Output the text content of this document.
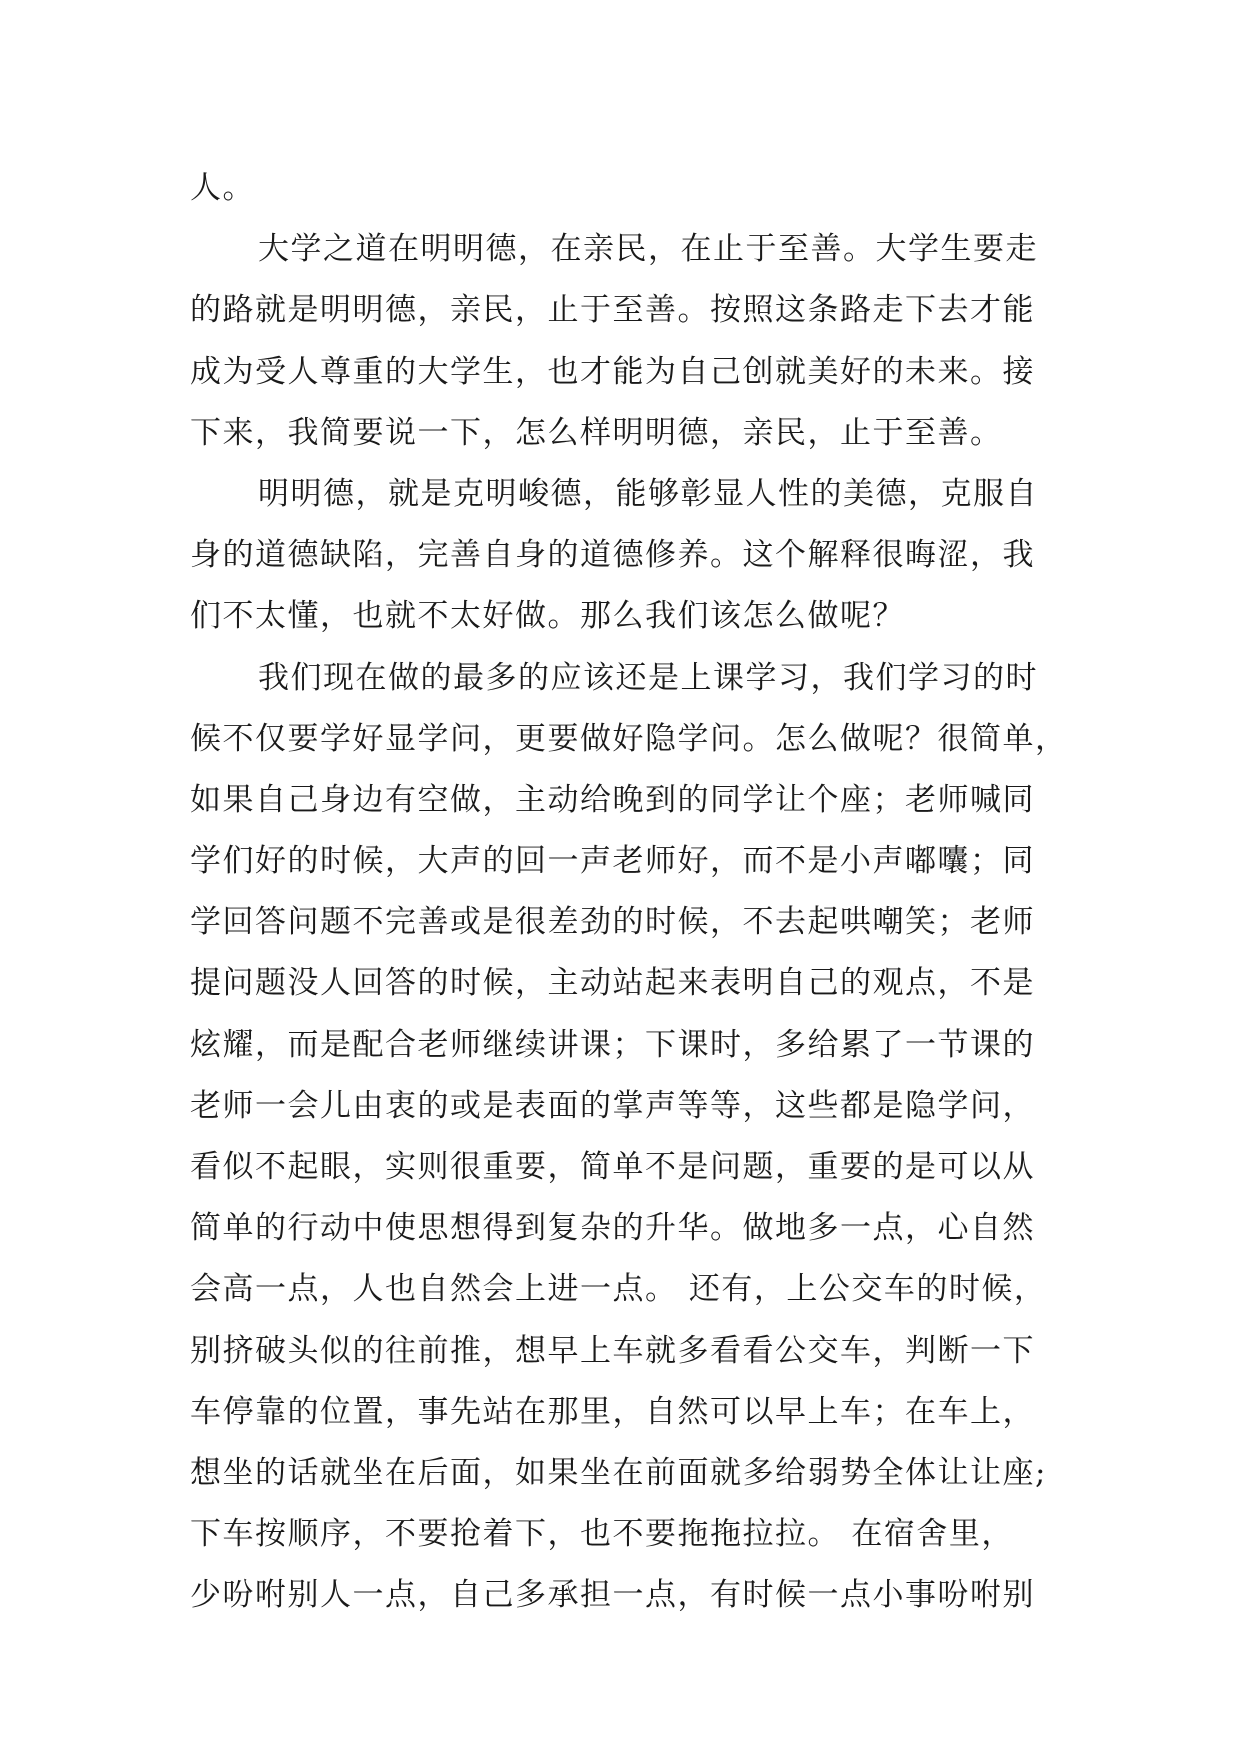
人。
大学之道在明明德，在亲民，在止于至善。大学生要走
的路就是明明德，亲民，止于至善。按照这条路走下去才能
成为受人尊重的大学生，也才能为自己创就美好的未来。接
下来，我简要说一下，怎么样明明德，亲民，止于至善。
明明德，就是克明峻德，能够彰显人性的美德，克服自
身的道德缺陷，完善自身的道德修养。这个解释很晦涩，我
们不太懂，也就不太好做。那么我们该怎么做呢？
我们现在做的最多的应该还是上课学习，我们学习的时
候不仅要学好显学问，更要做好隐学问。怎么做呢？很简单，
如果自己身边有空做，主动给晚到的同学让个座；老师喊同
学们好的时候，大声的回一声老师好，而不是小声嘟囔；同
学回答问题不完善或是很差劲的时候，不去起哄嘲笑；老师
提问题没人回答的时候，主动站起来表明自己的观点，不是
炫耀，而是配合老师继续讲课；下课时，多给累了一节课的
老师一会儿由衷的或是表面的掌声等等，这些都是隐学问，
看似不起眼，实则很重要，简单不是问题，重要的是可以从
简单的行动中使思想得到复杂的升华。做地多一点，心自然
会高一点，人也自然会上进一点。 还有，上公交车的时候，
别挤破头似的往前推，想早上车就多看看公交车，判断一下
车停靠的位置，事先站在那里，自然可以早上车；在车上，
想坐的话就坐在后面，如果坐在前面就多给弱势全体让让座;
下车按顺序，不要抢着下，也不要拖拖拉拉。 在宿舍里，
少吩咐别人一点，自己多承担一点，有时候一点小事吩咐别
